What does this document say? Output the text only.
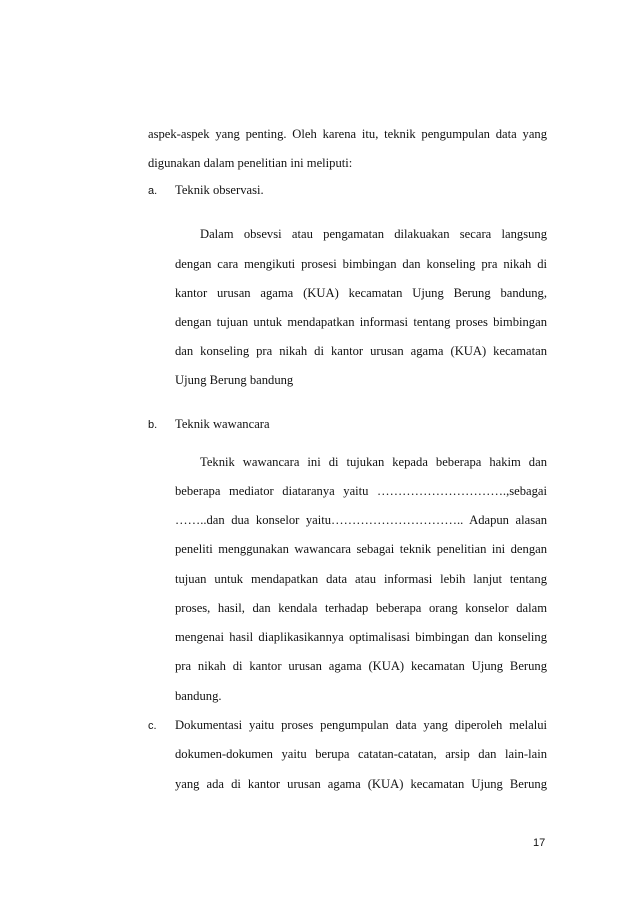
aspek-aspek yang penting. Oleh karena itu, teknik pengumpulan data yang
digunakan dalam penelitian ini meliputi:
a. Teknik observasi.
Dalam obsevsi atau pengamatan dilakuakan secara langsung
dengan cara mengikuti prosesi bimbingan dan konseling pra nikah di
kantor urusan agama (KUA) kecamatan Ujung Berung bandung,
dengan tujuan untuk mendapatkan informasi tentang proses bimbingan
dan konseling pra nikah di kantor urusan agama (KUA) kecamatan
Ujung Berung bandung
b. Teknik wawancara
Teknik wawancara ini di tujukan kepada beberapa hakim dan
beberapa mediator diataranya yaitu ………………………….,sebagai
……..dan dua konselor yaitu………………………….. Adapun alasan
peneliti menggunakan wawancara sebagai teknik penelitian ini dengan
tujuan untuk mendapatkan data atau informasi lebih lanjut tentang
proses, hasil, dan kendala terhadap beberapa orang konselor dalam
mengenai hasil diaplikasikannya optimalisasi bimbingan dan konseling
pra nikah di kantor urusan agama (KUA) kecamatan Ujung Berung
bandung.
c. Dokumentasi yaitu proses pengumpulan data yang diperoleh melalui
dokumen-dokumen yaitu berupa catatan-catatan, arsip dan lain-lain
yang ada di kantor urusan agama (KUA) kecamatan Ujung Berung
17
